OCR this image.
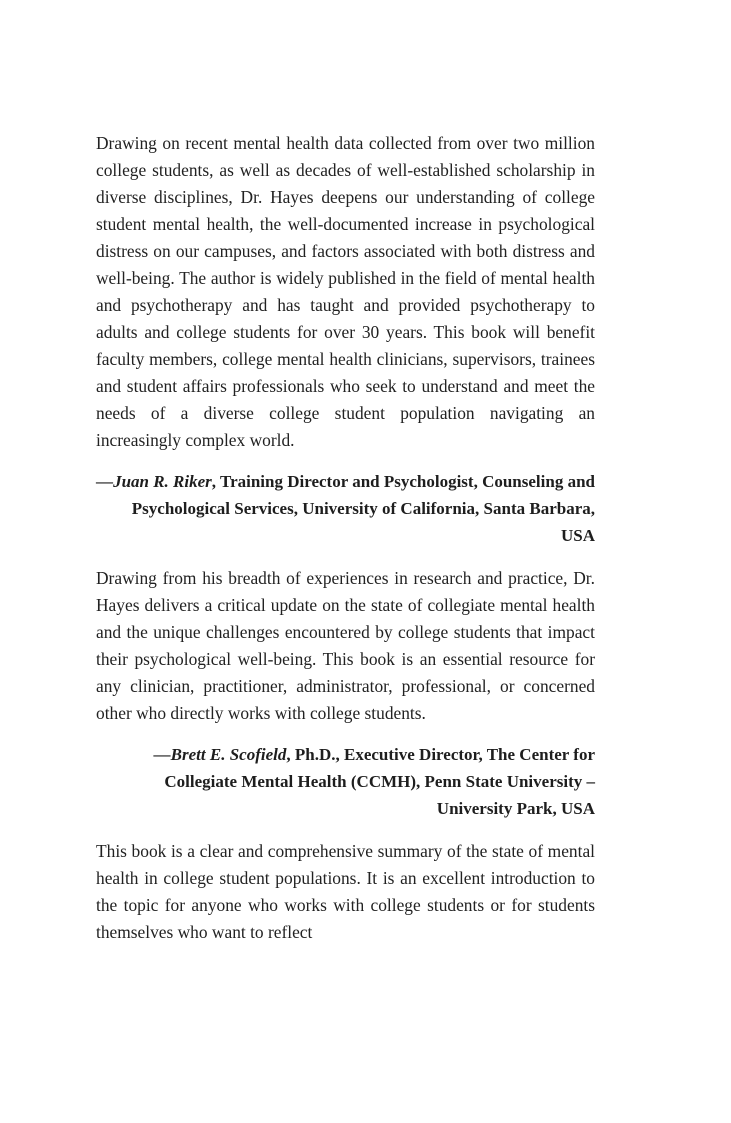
Drawing on recent mental health data collected from over two million college students, as well as decades of well-established scholarship in diverse disciplines, Dr. Hayes deepens our understanding of college student mental health, the well-documented increase in psychological distress on our campuses, and factors associated with both distress and well-being. The author is widely published in the field of mental health and psychotherapy and has taught and provided psychotherapy to adults and college students for over 30 years. This book will benefit faculty members, college mental health clinicians, supervisors, trainees and student affairs professionals who seek to understand and meet the needs of a diverse college student population navigating an increasingly complex world.

—Juan R. Riker, Training Director and Psychologist, Counseling and Psychological Services, University of California, Santa Barbara, USA

Drawing from his breadth of experiences in research and practice, Dr. Hayes delivers a critical update on the state of collegiate mental health and the unique challenges encountered by college students that impact their psychological well-being. This book is an essential resource for any clinician, practitioner, administrator, professional, or concerned other who directly works with college students.

—Brett E. Scofield, Ph.D., Executive Director, The Center for Collegiate Mental Health (CCMH), Penn State University – University Park, USA

This book is a clear and comprehensive summary of the state of mental health in college student populations. It is an excellent introduction to the topic for anyone who works with college students or for students themselves who want to reflect
